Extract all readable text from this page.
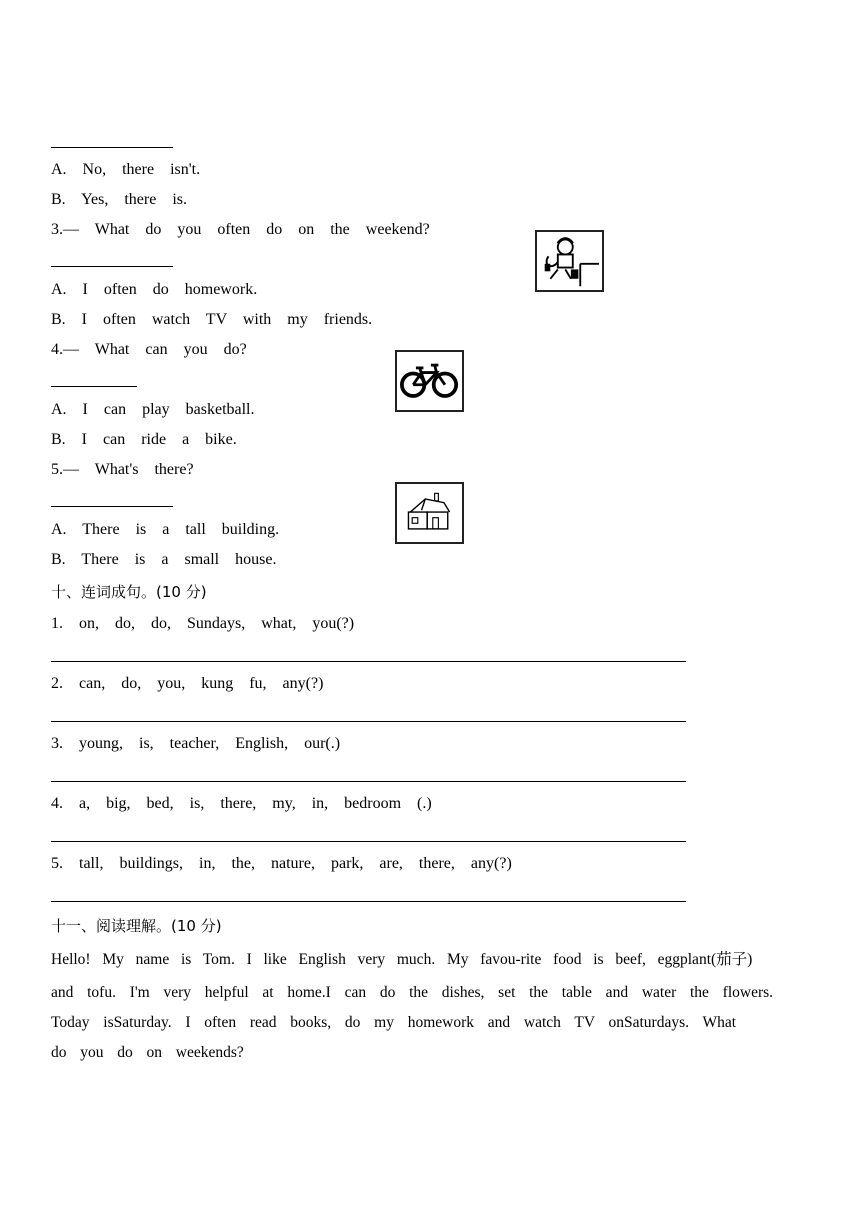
A.  No,  there  isn't.
B.  Yes,  there  is.
3.—  What  do  you  often  do  on  the  weekend?
A.  I  often  do  homework.
B.  I  often  watch  TV  with  my  friends.
4.—  What  can  you  do?
A.  I  can  play  basketball.
B.  I  can  ride  a  bike.
5.—  What's  there?
A.  There  is  a  tall  building.
B.  There  is  a  small  house.
十、连词成句。(10 分)
1.  on,  do,  do,  Sundays,  what,  you(?)
2.  can,  do,  you,  kung  fu,  any(?)
3.  young,  is,  teacher,  English,  our(.)
4.  a,  big,  bed,  is,  there,  my,  in,  bedroom  (.)
5.  tall,  buildings,  in,  the,  nature,  park,  are,  there,  any(?)
十一、阅读理解。(10 分)
Hello!  My  name  is  Tom.  I  like  English  very  much.  My  favou-rite  food  is  beef,  eggplant(茄子)
and  tofu.  I'm  very  helpful  at  home.I  can  do  the  dishes,  set  the  table  and  water  the  flowers.
Today  isSaturday.  I  often  read  books,  do  my  homework  and  watch  TV  onSaturdays.  What
do  you  do  on  weekends?
